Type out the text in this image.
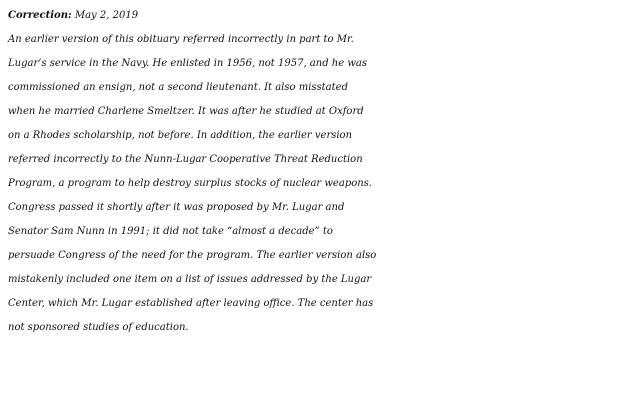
Correction: May 2, 2019
An earlier version of this obituary referred incorrectly in part to Mr.
Lugar’s service in the Navy. He enlisted in 1956, not 1957, and he was
commissioned an ensign, not a second lieutenant. It also misstated
when he married Charlene Smeltzer. It was after he studied at Oxford
on a Rhodes scholarship, not before. In addition, the earlier version
referred incorrectly to the Nunn-Lugar Cooperative Threat Reduction
Program, a program to help destroy surplus stocks of nuclear weapons.
Congress passed it shortly after it was proposed by Mr. Lugar and
Senator Sam Nunn in 1991; it did not take “almost a decade” to
persuade Congress of the need for the program. The earlier version also
mistakenly included one item on a list of issues addressed by the Lugar
Center, which Mr. Lugar established after leaving office. The center has
not sponsored studies of education.
